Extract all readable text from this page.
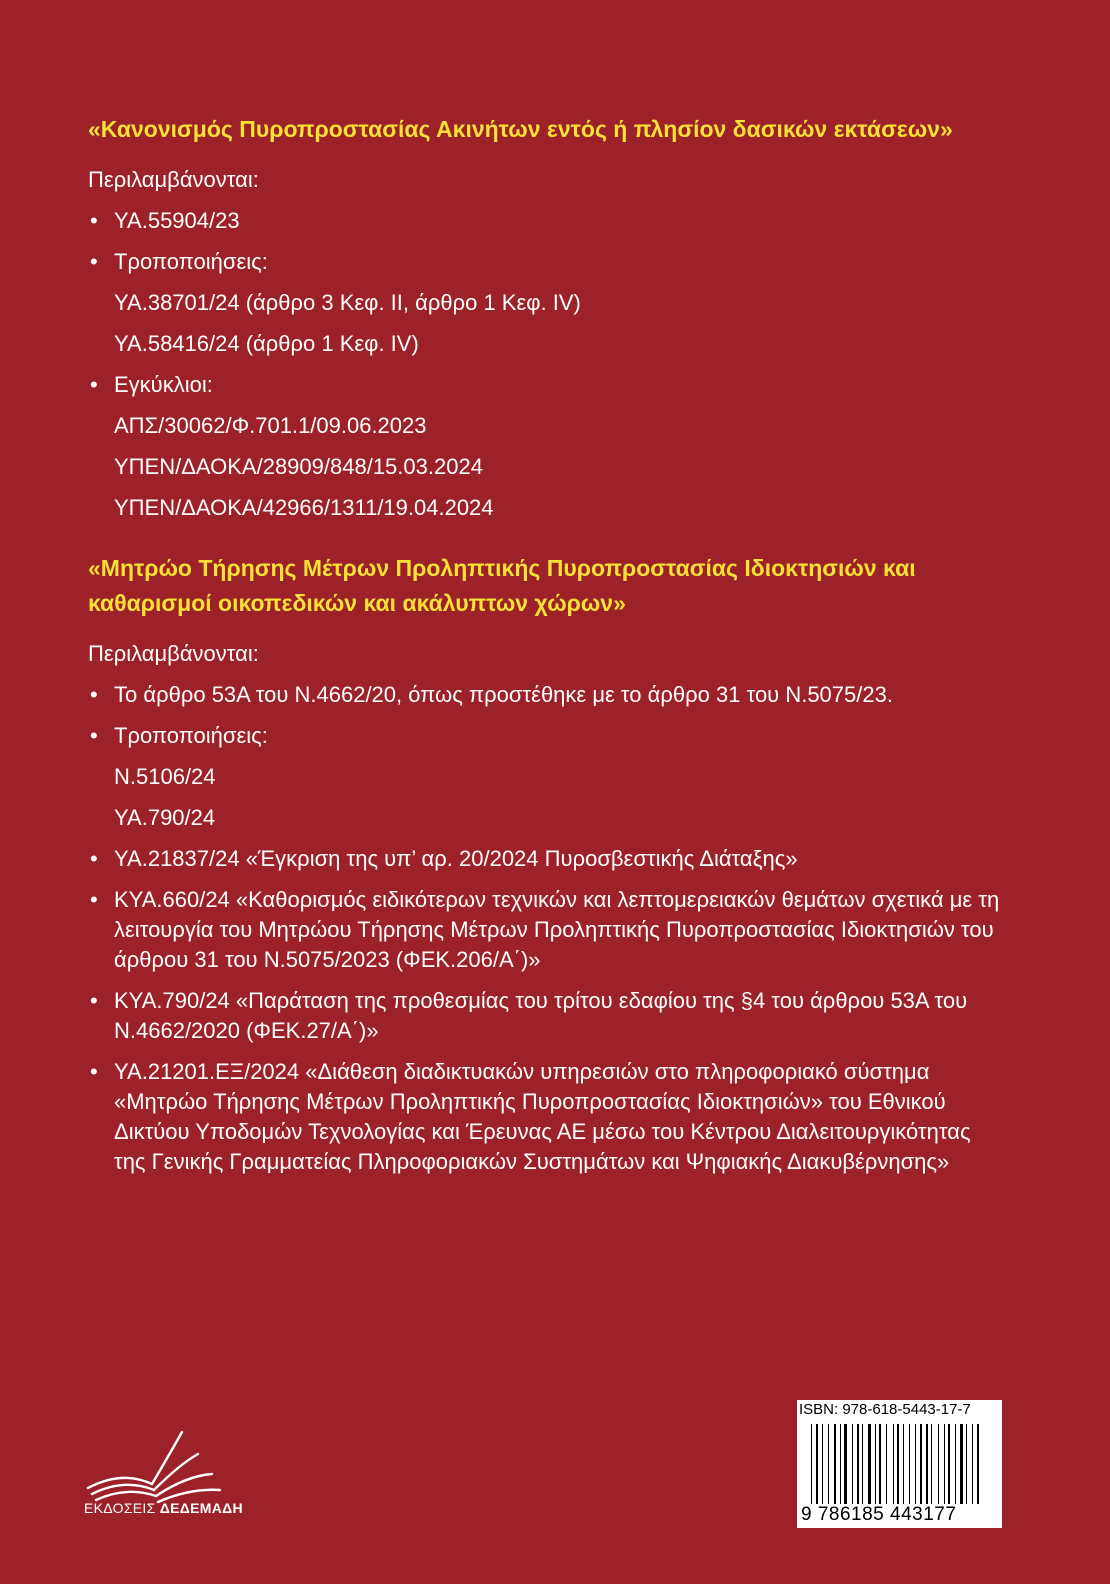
«Κανονισμός Πυροπροστασίας Ακινήτων εντός ή πλησίον δασικών εκτάσεων»
Περιλαμβάνονται:
• ΥΑ.55904/23
• Τροποποιήσεις:
ΥΑ.38701/24 (άρθρο 3 Κεφ. ΙΙ, άρθρο 1 Κεφ. ΙV)
ΥΑ.58416/24 (άρθρο 1 Κεφ. ΙV)
• Εγκύκλιοι:
ΑΠΣ/30062/Φ.701.1/09.06.2023
ΥΠΕΝ/ΔΑΟΚΑ/28909/848/15.03.2024
ΥΠΕΝ/ΔΑΟΚΑ/42966/1311/19.04.2024
«Μητρώο Τήρησης Μέτρων Προληπτικής Πυροπροστασίας Ιδιοκτησιών και καθαρισμοί οικοπεδικών και ακάλυπτων χώρων»
Περιλαμβάνονται:
• Το άρθρο 53Α του Ν.4662/20, όπως προστέθηκε με το άρθρο 31 του Ν.5075/23.
• Τροποποιήσεις:
Ν.5106/24
ΥΑ.790/24
• ΥΑ.21837/24 «Έγκριση της υπ’ αρ. 20/2024 Πυροσβεστικής Διάταξης»
• ΚΥΑ.660/24 «Καθορισμός ειδικότερων τεχνικών και λεπτομερειακών θεμάτων σχετικά με τη λειτουργία του Μητρώου Τήρησης Μέτρων Προληπτικής Πυροπροστασίας Ιδιοκτησιών του άρθρου 31 του Ν.5075/2023 (ΦΕΚ.206/Α΄)»
• ΚΥΑ.790/24 «Παράταση της προθεσμίας του τρίτου εδαφίου της §4 του άρθρου 53Α του Ν.4662/2020 (ΦΕΚ.27/Α΄)»
• ΥΑ.21201.ΕΞ/2024 «Διάθεση διαδικτυακών υπηρεσιών στο πληροφοριακό σύστημα «Μητρώο Τήρησης Μέτρων Προληπτικής Πυροπροστασίας Ιδιοκτησιών» του Εθνικού Δικτύου Υποδομών Τεχνολογίας και Έρευνας ΑΕ μέσω του Κέντρου Διαλειτουργικότητας της Γενικής Γραμματείας Πληροφοριακών Συστημάτων και Ψηφιακής Διακυβέρνησης»
ΕΚΔΟΣΕΙΣ ΔΕΔΕΜΑΔΗ
ISBN: 978-618-5443-17-7
9 786185 443177
